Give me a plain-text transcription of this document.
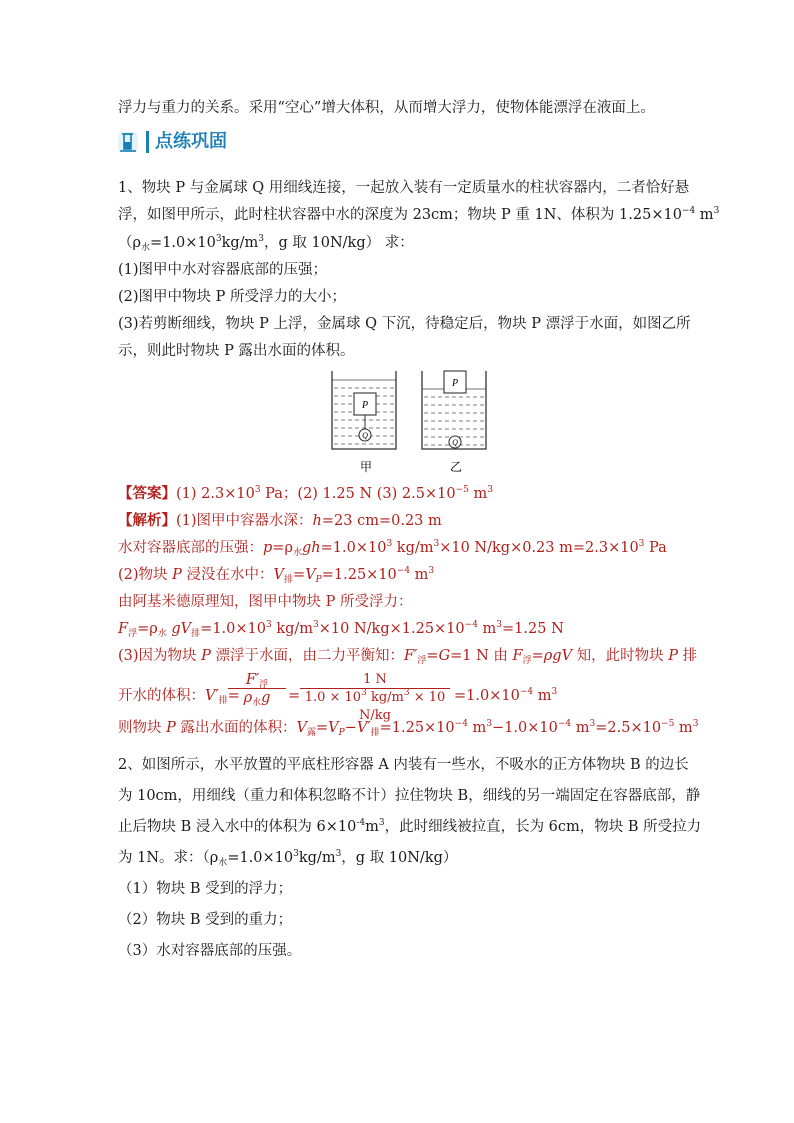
浮力与重力的关系。采用“空心”增大体积，从而增大浮力，使物体能漂浮在液面上。
点练巩固
1、物块 P 与金属球 Q 用细线连接，一起放入装有一定质量水的柱状容器内，二者恰好悬
浮，如图甲所示，此时柱状容器中水的深度为 23cm；物块 P 重 1N、体积为 $1.25\times 10^{-4}$ $m^3$
（$\rho_水=1.0\times 10^3kg/m^3$，g 取 10N/kg） 求：
(1)图甲中水对容器底部的压强；
(2)图甲中物块 P 所受浮力的大小；
(3)若剪断细线，物块 P 上浮，金属球 Q 下沉，待稳定后，物块 P 漂浮于水面，如图乙所
示，则此时物块 P 露出水面的体积。
P
Q
P
Q
甲	乙
【答案】(1) $2.3\times 10^3$ Pa；(2) 1.25 N (3) $2.5\times 10^{-5}$ $m^3$
【解析】(1)图甲中容器水深：h=23 cm=0.23 m
水对容器底部的压强：$p=\rho_水gh=1.0\times 10^3$ $kg/m^3\times 10$ N/kg×0.23 $m=2.3\times 10^3$ Pa
(2)物块 P 浸没在水中：$V_排=V_P=1.25\times 10^{-4}$ $m^3$
由阿基米德原理知，图甲中物块 P 所受浮力：
$F_浮=\rho_水$ $gV_排=1.0\times 10^3$ $kg/m^3\times 10$ $N/kg\times 1.25\times 10^{-4}$ $m^3=1.25$ N
(3)因为物块 P 漂浮于水面，由二力平衡知：$F'_浮=G=1$ N 由 $F_浮=\rho gV$ 知，此时物块 P 排
开水的体积：$V'_排=$
$F'_浮$
$\rho_水g$	= $\frac{1 N}{1.0 \times 10^3 kg/m^3 \times 10 N/kg} =1.0\times 10^{-4}$ $m^3$
则物块 P 露出水面的体积：$V_露=V_P-V'_排=1.25\times 10^{-4}$ $m^3-1.0\times 10^{-4}$ $m^3=2.5\times 10^{-5}$ $m^3$
2、如图所示，水平放置的平底柱形容器 A 内装有一些水，不吸水的正方体物块 B 的边长
为 10cm，用细线（重力和体积忽略不计）拉住物块 B，细线的另一端固定在容器底部，静
止后物块 B 浸入水中的体积为 $6\times 10^{-4}m^3$，此时细线被拉直，长为 6cm，物块 B 所受拉力
为 1N。求：（$\rho_水=1.0\times 10^3kg/m^3$，g 取 10N/kg）
（1）物块 B 受到的浮力；
（2）物块 B 受到的重力；
（3）水对容器底部的压强。
